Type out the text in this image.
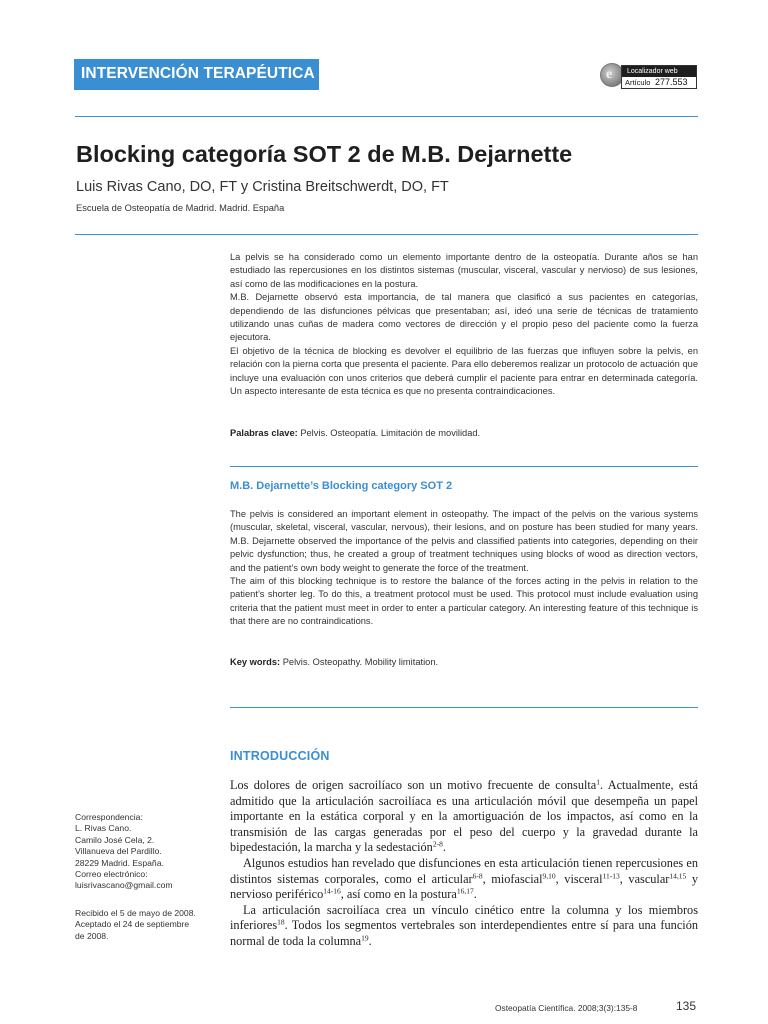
INTERVENCIÓN TERAPÉUTICA	e	Localizador web
Artículo 277.553
Blocking categoría SOT 2 de M.B. Dejarnette
Luis Rivas Cano, DO, FT y Cristina Breitschwerdt, DO, FT
Escuela de Osteopatía de Madrid. Madrid. España

La pelvis se ha considerado como un elemento importante dentro de la osteopatía. Durante años se han estudiado las repercusiones en los distintos sistemas (muscular, visceral, vascular y nervioso) de sus lesiones, así como de las modificaciones en la postura.

M.B. Dejarnette observó esta importancia, de tal manera que clasificó a sus pacientes en categorías, dependiendo de las disfunciones pélvicas que presentaban; así, ideó una serie de técnicas de tratamiento utilizando unas cuñas de madera como vectores de dirección y el propio peso del paciente como la fuerza ejecutora.

El objetivo de la técnica de blocking es devolver el equilibrio de las fuerzas que influyen sobre la pelvis, en relación con la pierna corta que presenta el paciente. Para ello deberemos realizar un protocolo de actuación que incluye una evaluación con unos criterios que deberá cumplir el paciente para entrar en determinada categoría. Un aspecto interesante de esta técnica es que no presenta contraindicaciones.

Palabras clave: Pelvis. Osteopatía. Limitación de movilidad.
M.B. Dejarnette’s Blocking category SOT 2

The pelvis is considered an important element in osteopathy. The impact of the pelvis on the various systems (muscular, skeletal, visceral, vascular, nervous), their lesions, and on posture has been studied for many years. M.B. Dejarnette observed the importance of the pelvis and classified patients into categories, depending on their pelvic dysfunction; thus, he created a group of treatment techniques using blocks of wood as direction vectors, and the patient’s own body weight to generate the force of the treatment.

The aim of this blocking technique is to restore the balance of the forces acting in the pelvis in relation to the patient’s shorter leg. To do this, a treatment protocol must be used. This protocol must include evaluation using criteria that the patient must meet in order to enter a particular category. An interesting feature of this technique is that there are no contraindications.

Key words: Pelvis. Osteopathy. Mobility limitation.
INTRODUCCIÓN

Los dolores de origen sacroilíaco son un motivo frecuente de consulta$^1$. Actualmente, está admitido que la articulación sacroilíaca es una articulación móvil que desempeña un papel importante en la estática corporal y en la amortiguación de los impactos, así como en la transmisión de las cargas generadas por el peso del cuerpo y la gravedad durante la bipedestación, la marcha y la sedestación$^{2-8}$.

Algunos estudios han revelado que disfunciones en esta articulación tienen repercusiones en distintos sistemas corporales, como el articular$^{6-8}$, miofascial$^{9,10}$, visceral$^{11-13}$, vascular$^{14,15}$ y nervioso periférico$^{14-16}$, así como en la postura$^{16,17}$.

La articulación sacroilíaca crea un vínculo cinético entre la columna y los miembros inferiores$^{18}$. Todos los segmentos vertebrales son interdependientes entre sí para una función normal de toda la columna$^{19}$.

Correspondencia:
L. Rivas Cano.
Camilo José Cela, 2.
Villanueva del Pardillo.
28229 Madrid. España.
Correo electrónico:
luisrivascano@gmail.com
Recibido el 5 de mayo de 2008.
Aceptado el 24 de septiembre
de 2008.
Osteopatía Científica. 2008;3(3):135-8	135
